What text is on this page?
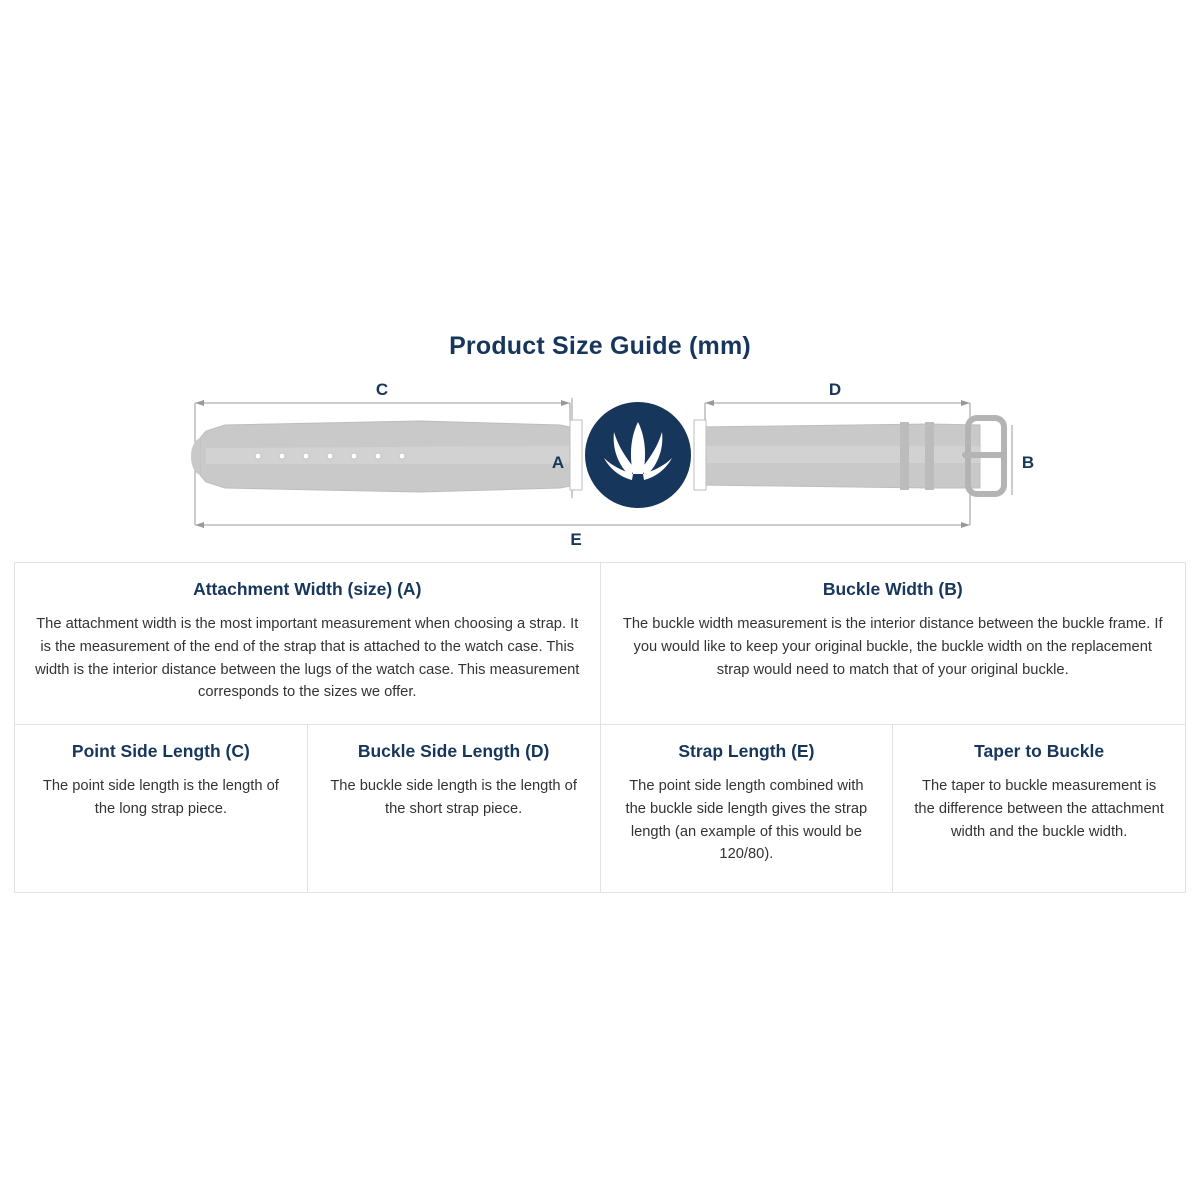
Product Size Guide (mm)
C	D
E
A	B
Attachment Width (size) (A)
The attachment width is the most important measurement when choosing a strap. It is the measurement of the end of the strap that is attached to the watch case. This width is the interior distance between the lugs of the watch case. This measurement corresponds to the sizes we offer.

Buckle Width (B)
The buckle width measurement is the interior distance between the buckle frame. If you would like to keep your original buckle, the buckle width on the replacement strap would need to match that of your original buckle.

Point Side Length (C)
The point side length is the length of the long strap piece.

Buckle Side Length (D)
The buckle side length is the length of the short strap piece.

Strap Length (E)
The point side length combined with the buckle side length gives the strap length (an example of this would be 120/80).

Taper to Buckle
The taper to buckle measurement is the difference between the attachment width and the buckle width.
